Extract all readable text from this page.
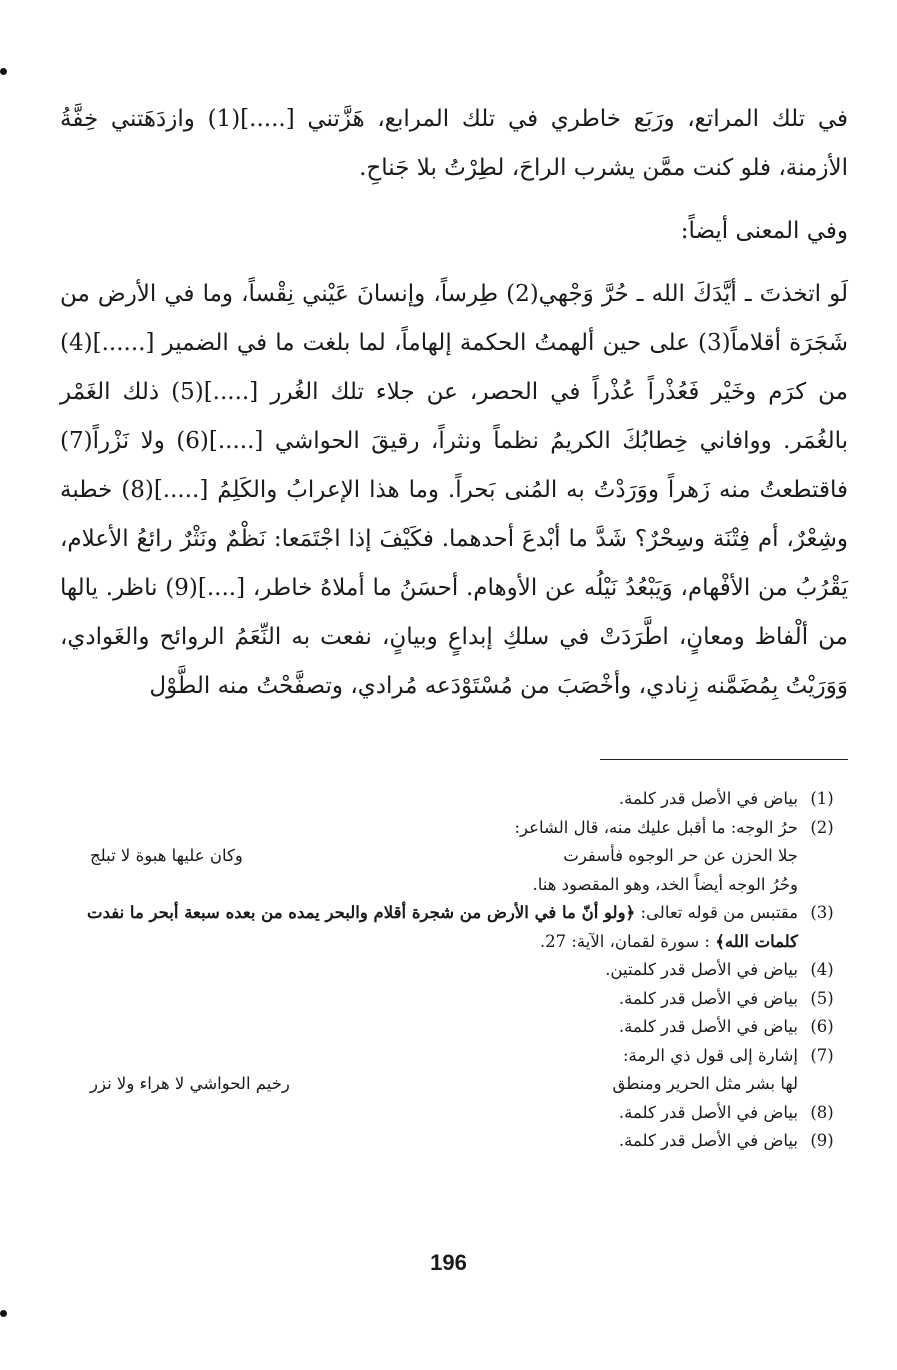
في تلك المراتع، ورَبَع خاطري في تلك المرابع، هَزَّتني [.....](1) وازدَهَتني خِفَّةُ الأزمنة، فلو كنت ممَّن يشرب الراحَ، لطِرْتُ بلا جَناحِ.

وفي المعنى أيضاً:

لَو اتخذتَ ـ أيَّدَكَ الله ـ حُرَّ وَجْهي(2) طِرساً، وإنسانَ عَيْني نِقْساً، وما في الأرض من شَجَرَة أقلاماً(3) على حين ألهمتُ الحكمة إلهاماً، لما بلغت ما في الضمير [......](4) من كرَم وخَيْر فَعُذْراً عُذْراً في الحصر، عن جلاء تلك الغُرر [.....](5) ذلك الغَمْر بالغُمَر. ووافاني خِطابُكَ الكريمُ نظماً ونثراً، رقيقَ الحواشي [.....](6) ولا نَزْراً(7) فاقتطعتُ منه زَهراً ووَرَدْتُ به المُنى بَحراً. وما هذا الإعرابُ والكَلِمُ [.....](8) خطبة وشِعْرٌ، أم فِتْنَة وسِحْرٌ؟ شَدَّ ما أبْدعَ أحدهما. فكَيْفَ إذا اجْتَمَعا: نَظْمٌ ونَثْرٌ رائعُ الأعلام، يَقْرُبُ من الأفْهام، وَيَبْعُدُ نَيْلُه عن الأوهام. أحسَنُ ما أملاهُ خاطر، [....](9) ناظر. يالها من ألْفاظ ومعانٍ، اطَّرَدَتْ في سلكِ إبداعٍ وبيانٍ، نفعت به النِّعَمُ الروائح والغَوادي، وَوَرَيْتُ بِمُضَمَّنه زِنادي، وأخْصَبَ من مُسْتَوْدَعه مُرادي، وتصفَّحْتُ منه الطَّوْل

(1)
بياض في الأصل قدر كلمة.
(2)
حرُ الوجه: ما أقبل عليك منه، قال الشاعر:
جلا الحزن عن حر الوجوه فأسفرت
وكان عليها هبوة لا تبلج
وحُرُ الوجه أيضاً الخد، وهو المقصود هنا.
(3)
مقتبس من قوله تعالى: ﴿ولو أنّ ما في الأرض من شجرة أقلام والبحر يمده من بعده سبعة أبحر ما نفدت كلمات الله﴾ : سورة لقمان، الآية: 27.
(4)
بياض في الأصل قدر كلمتين.
(5)
بياض في الأصل قدر كلمة.
(6)
بياض في الأصل قدر كلمة.
(7)
إشارة إلى قول ذي الرمة:
لها بشر مثل الحرير ومنطق
رخيم الحواشي لا هراء ولا نزر
(8)
بياض في الأصل قدر كلمة.
(9)
بياض في الأصل قدر كلمة.
196
